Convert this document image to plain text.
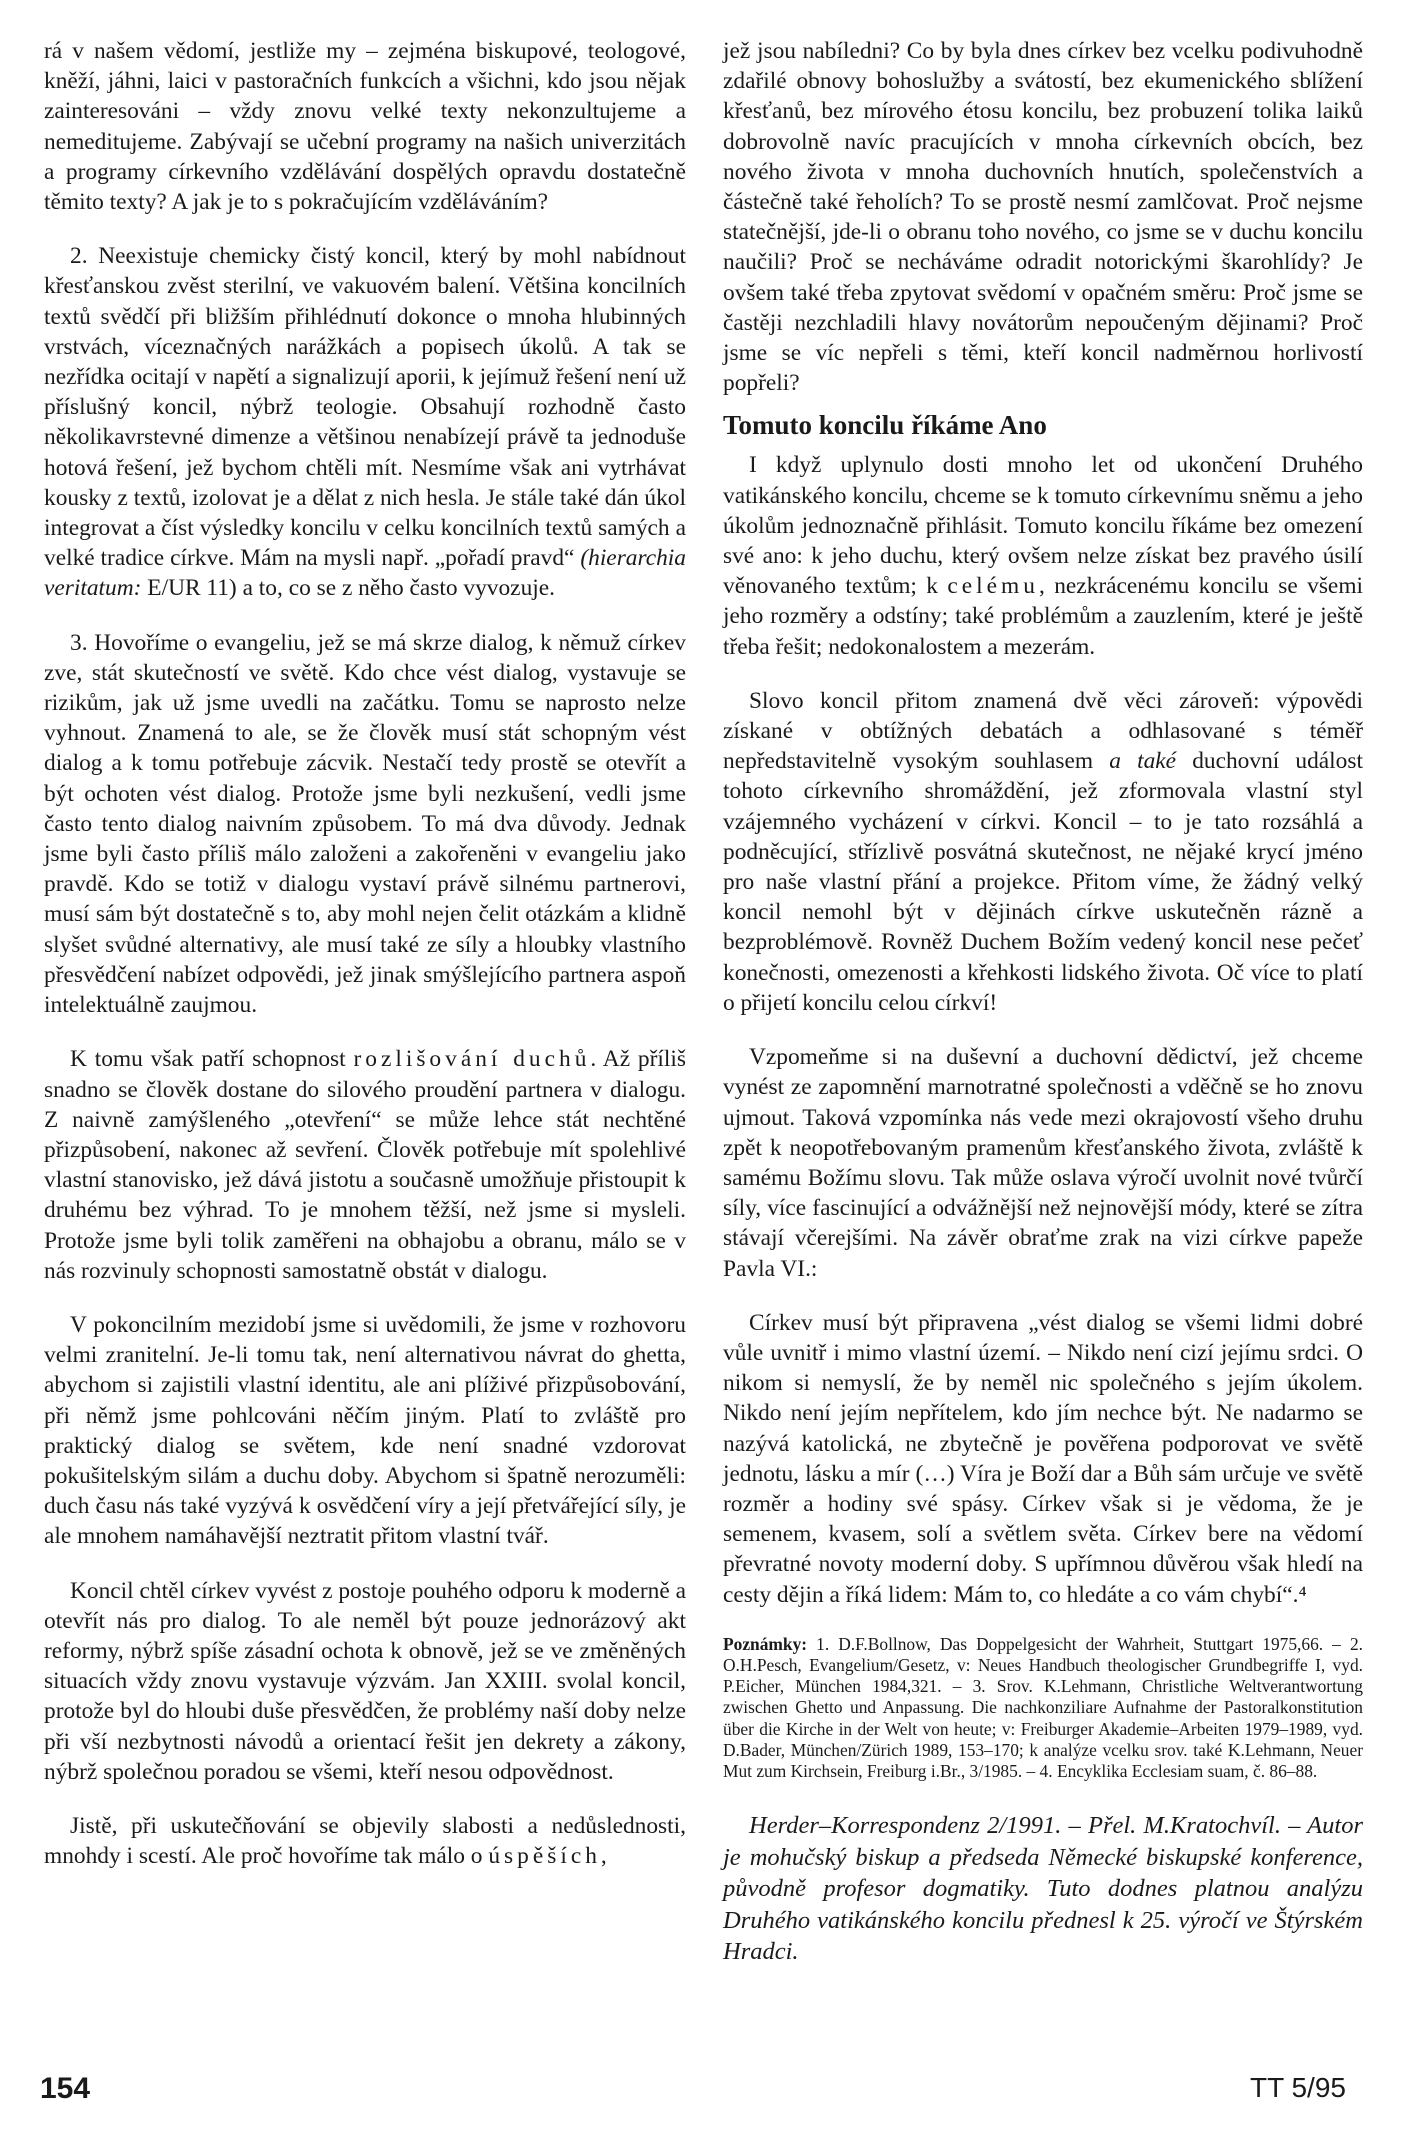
rá v našem vědomí, jestliže my – zejména biskupové, teologové, kněží, jáhni, laici v pastoračních funkcích a všichni, kdo jsou nějak zainteresováni – vždy znovu velké texty nekonzultujeme a nemeditujeme. Zabývají se učební programy na našich univerzitách a programy církevního vzdělávání dospělých opravdu dostatečně těmito texty? A jak je to s pokračujícím vzděláváním?

2. Neexistuje chemicky čistý koncil, který by mohl nabídnout křesťanskou zvěst sterilní, ve vakuovém balení. Většina koncilních textů svědčí při bližším přihlédnutí dokonce o mnoha hlubinných vrstvách, víceznačných narážkách a popisech úkolů. A tak se nezřídka ocitají v napětí a signalizují aporii, k jejímuž řešení není už příslušný koncil, nýbrž teologie. Obsahují rozhodně často několikavrstevné dimenze a většinou nenabízejí právě ta jednoduše hotová řešení, jež bychom chtěli mít. Nesmíme však ani vytrhávat kousky z textů, izolovat je a dělat z nich hesla. Je stále také dán úkol integrovat a číst výsledky koncilu v celku koncilních textů samých a velké tradice církve. Mám na mysli např. „pořadí pravd“ (hierarchia veritatum: E/UR 11) a to, co se z něho často vyvozuje.

3. Hovoříme o evangeliu, jež se má skrze dialog, k němuž církev zve, stát skutečností ve světě. Kdo chce vést dialog, vystavuje se rizikům, jak už jsme uvedli na začátku. Tomu se naprosto nelze vyhnout. Znamená to ale, se že člověk musí stát schopným vést dialog a k tomu potřebuje zácvik. Nestačí tedy prostě se otevřít a být ochoten vést dialog. Protože jsme byli nezkušení, vedli jsme často tento dialog naivním způsobem. To má dva důvody. Jednak jsme byli často příliš málo založeni a zakořeněni v evangeliu jako pravdě. Kdo se totiž v dialogu vystaví právě silnému partnerovi, musí sám být dostatečně s to, aby mohl nejen čelit otázkám a klidně slyšet svůdné alternativy, ale musí také ze síly a hloubky vlastního přesvědčení nabízet odpovědi, jež jinak smýšlejícího partnera aspoň intelektuálně zaujmou.

K tomu však patří schopnost rozlišování duchů. Až příliš snadno se člověk dostane do silového proudění partnera v dialogu. Z naivně zamýšleného „otevření“ se může lehce stát nechtěné přizpůsobení, nakonec až sevření. Člověk potřebuje mít spolehlivé vlastní stanovisko, jež dává jistotu a současně umožňuje přistoupit k druhému bez výhrad. To je mnohem těžší, než jsme si mysleli. Protože jsme byli tolik zaměřeni na obhajobu a obranu, málo se v nás rozvinuly schopnosti samostatně obstát v dialogu.

V pokoncilním mezidobí jsme si uvědomili, že jsme v rozhovoru velmi zranitelní. Je-li tomu tak, není alternativou návrat do ghetta, abychom si zajistili vlastní identitu, ale ani plíživé přizpůsobování, při němž jsme pohlcováni něčím jiným. Platí to zvláště pro praktický dialog se světem, kde není snadné vzdorovat pokušitelským silám a duchu doby. Abychom si špatně nerozuměli: duch času nás také vyzývá k osvědčení víry a její přetvářející síly, je ale mnohem namáhavější neztratit přitom vlastní tvář.

Koncil chtěl církev vyvést z postoje pouhého odporu k moderně a otevřít nás pro dialog. To ale neměl být pouze jednorázový akt reformy, nýbrž spíše zásadní ochota k obnově, jež se ve změněných situacích vždy znovu vystavuje výzvám. Jan XXIII. svolal koncil, protože byl do hloubi duše přesvědčen, že problémy naší doby nelze při vší nezbytnosti návodů a orientací řešit jen dekrety a zákony, nýbrž společnou poradou se všemi, kteří nesou odpovědnost.

Jistě, při uskutečňování se objevily slabosti a nedůslednosti, mnohdy i scestí. Ale proč hovoříme tak málo o úspěších,

jež jsou nabíledni? Co by byla dnes církev bez vcelku podivuhodně zdařilé obnovy bohoslužby a svátostí, bez ekumenického sblížení křesťanů, bez mírového étosu koncilu, bez probuzení tolika laiků dobrovolně navíc pracujících v mnoha církevních obcích, bez nového života v mnoha duchovních hnutích, společenstvích a částečně také řeholích? To se prostě nesmí zamlčovat. Proč nejsme statečnější, jde-li o obranu toho nového, co jsme se v duchu koncilu naučili? Proč se necháváme odradit notorickými škarohlídy? Je ovšem také třeba zpytovat svědomí v opačném směru: Proč jsme se častěji nezchladili hlavy novátorům nepoučeným dějinami? Proč jsme se víc nepřeli s těmi, kteří koncil nadměrnou horlivostí popřeli?

Tomuto koncilu říkáme Ano

I když uplynulo dosti mnoho let od ukončení Druhého vatikánského koncilu, chceme se k tomuto církevnímu sněmu a jeho úkolům jednoznačně přihlásit. Tomuto koncilu říkáme bez omezení své ano: k jeho duchu, který ovšem nelze získat bez pravého úsilí věnovaného textům; k celému, nezkrácenému koncilu se všemi jeho rozměry a odstíny; také problémům a zauzlením, které je ještě třeba řešit; nedokonalostem a mezerám.

Slovo koncil přitom znamená dvě věci zároveň: výpovědi získané v obtížných debatách a odhlasované s téměř nepředstavitelně vysokým souhlasem a také duchovní událost tohoto církevního shromáždění, jež zformovala vlastní styl vzájemného vycházení v církvi. Koncil – to je tato rozsáhlá a podněcující, střízlivě posvátná skutečnost, ne nějaké krycí jméno pro naše vlastní přání a projekce. Přitom víme, že žádný velký koncil nemohl být v dějinách církve uskutečněn rázně a bezproblémově. Rovněž Duchem Božím vedený koncil nese pečeť konečnosti, omezenosti a křehkosti lidského života. Oč více to platí o přijetí koncilu celou církví!

Vzpomeňme si na duševní a duchovní dědictví, jež chceme vynést ze zapomnění marnotratné společnosti a vděčně se ho znovu ujmout. Taková vzpomínka nás vede mezi okrajovostí všeho druhu zpět k neopotřebovaným pramenům křesťanského života, zvláště k samému Božímu slovu. Tak může oslava výročí uvolnit nové tvůrčí síly, více fascinující a odvážnější než nejnovější módy, které se zítra stávají včerejšími. Na závěr obraťme zrak na vizi církve papeže Pavla VI.:

Církev musí být připravena „vést dialog se všemi lidmi dobré vůle uvnitř i mimo vlastní území. – Nikdo není cizí jejímu srdci. O nikom si nemyslí, že by neměl nic společného s jejím úkolem. Nikdo není jejím nepřítelem, kdo jím nechce být. Ne nadarmo se nazývá katolická, ne zbytečně je pověřena podporovat ve světě jednotu, lásku a mír (…) Víra je Boží dar a Bůh sám určuje ve světě rozměr a hodiny své spásy. Církev však si je vědoma, že je semenem, kvasem, solí a světlem světa. Církev bere na vědomí převratné novoty moderní doby. S upřímnou důvěrou však hledí na cesty dějin a říká lidem: Mám to, co hledáte a co vám chybí“.⁴

Poznámky: 1. D.F.Bollnow, Das Doppelgesicht der Wahrheit, Stuttgart 1975,66. – 2. O.H.Pesch, Evangelium/Gesetz, v: Neues Handbuch theologischer Grundbegriffe I, vyd. P.Eicher, München 1984,321. – 3. Srov. K.Lehmann, Christliche Weltverantwortung zwischen Ghetto und Anpassung. Die nachkonziliare Aufnahme der Pastoralkonstitution über die Kirche in der Welt von heute; v: Freiburger Akademie–Arbeiten 1979–1989, vyd. D.Bader, München/Zürich 1989, 153–170; k analýze vcelku srov. také K.Lehmann, Neuer Mut zum Kirchsein, Freiburg i.Br., 3/1985. – 4. Encyklika Ecclesiam suam, č. 86–88.

Herder–Korrespondenz 2/1991. – Přel. M.Kratochvíl. – Autor je mohučský biskup a předseda Německé biskupské konference, původně profesor dogmatiky. Tuto dodnes platnou analýzu Druhého vatikánského koncilu přednesl k 25. výročí ve Štýrském Hradci.

154	TT 5/95
